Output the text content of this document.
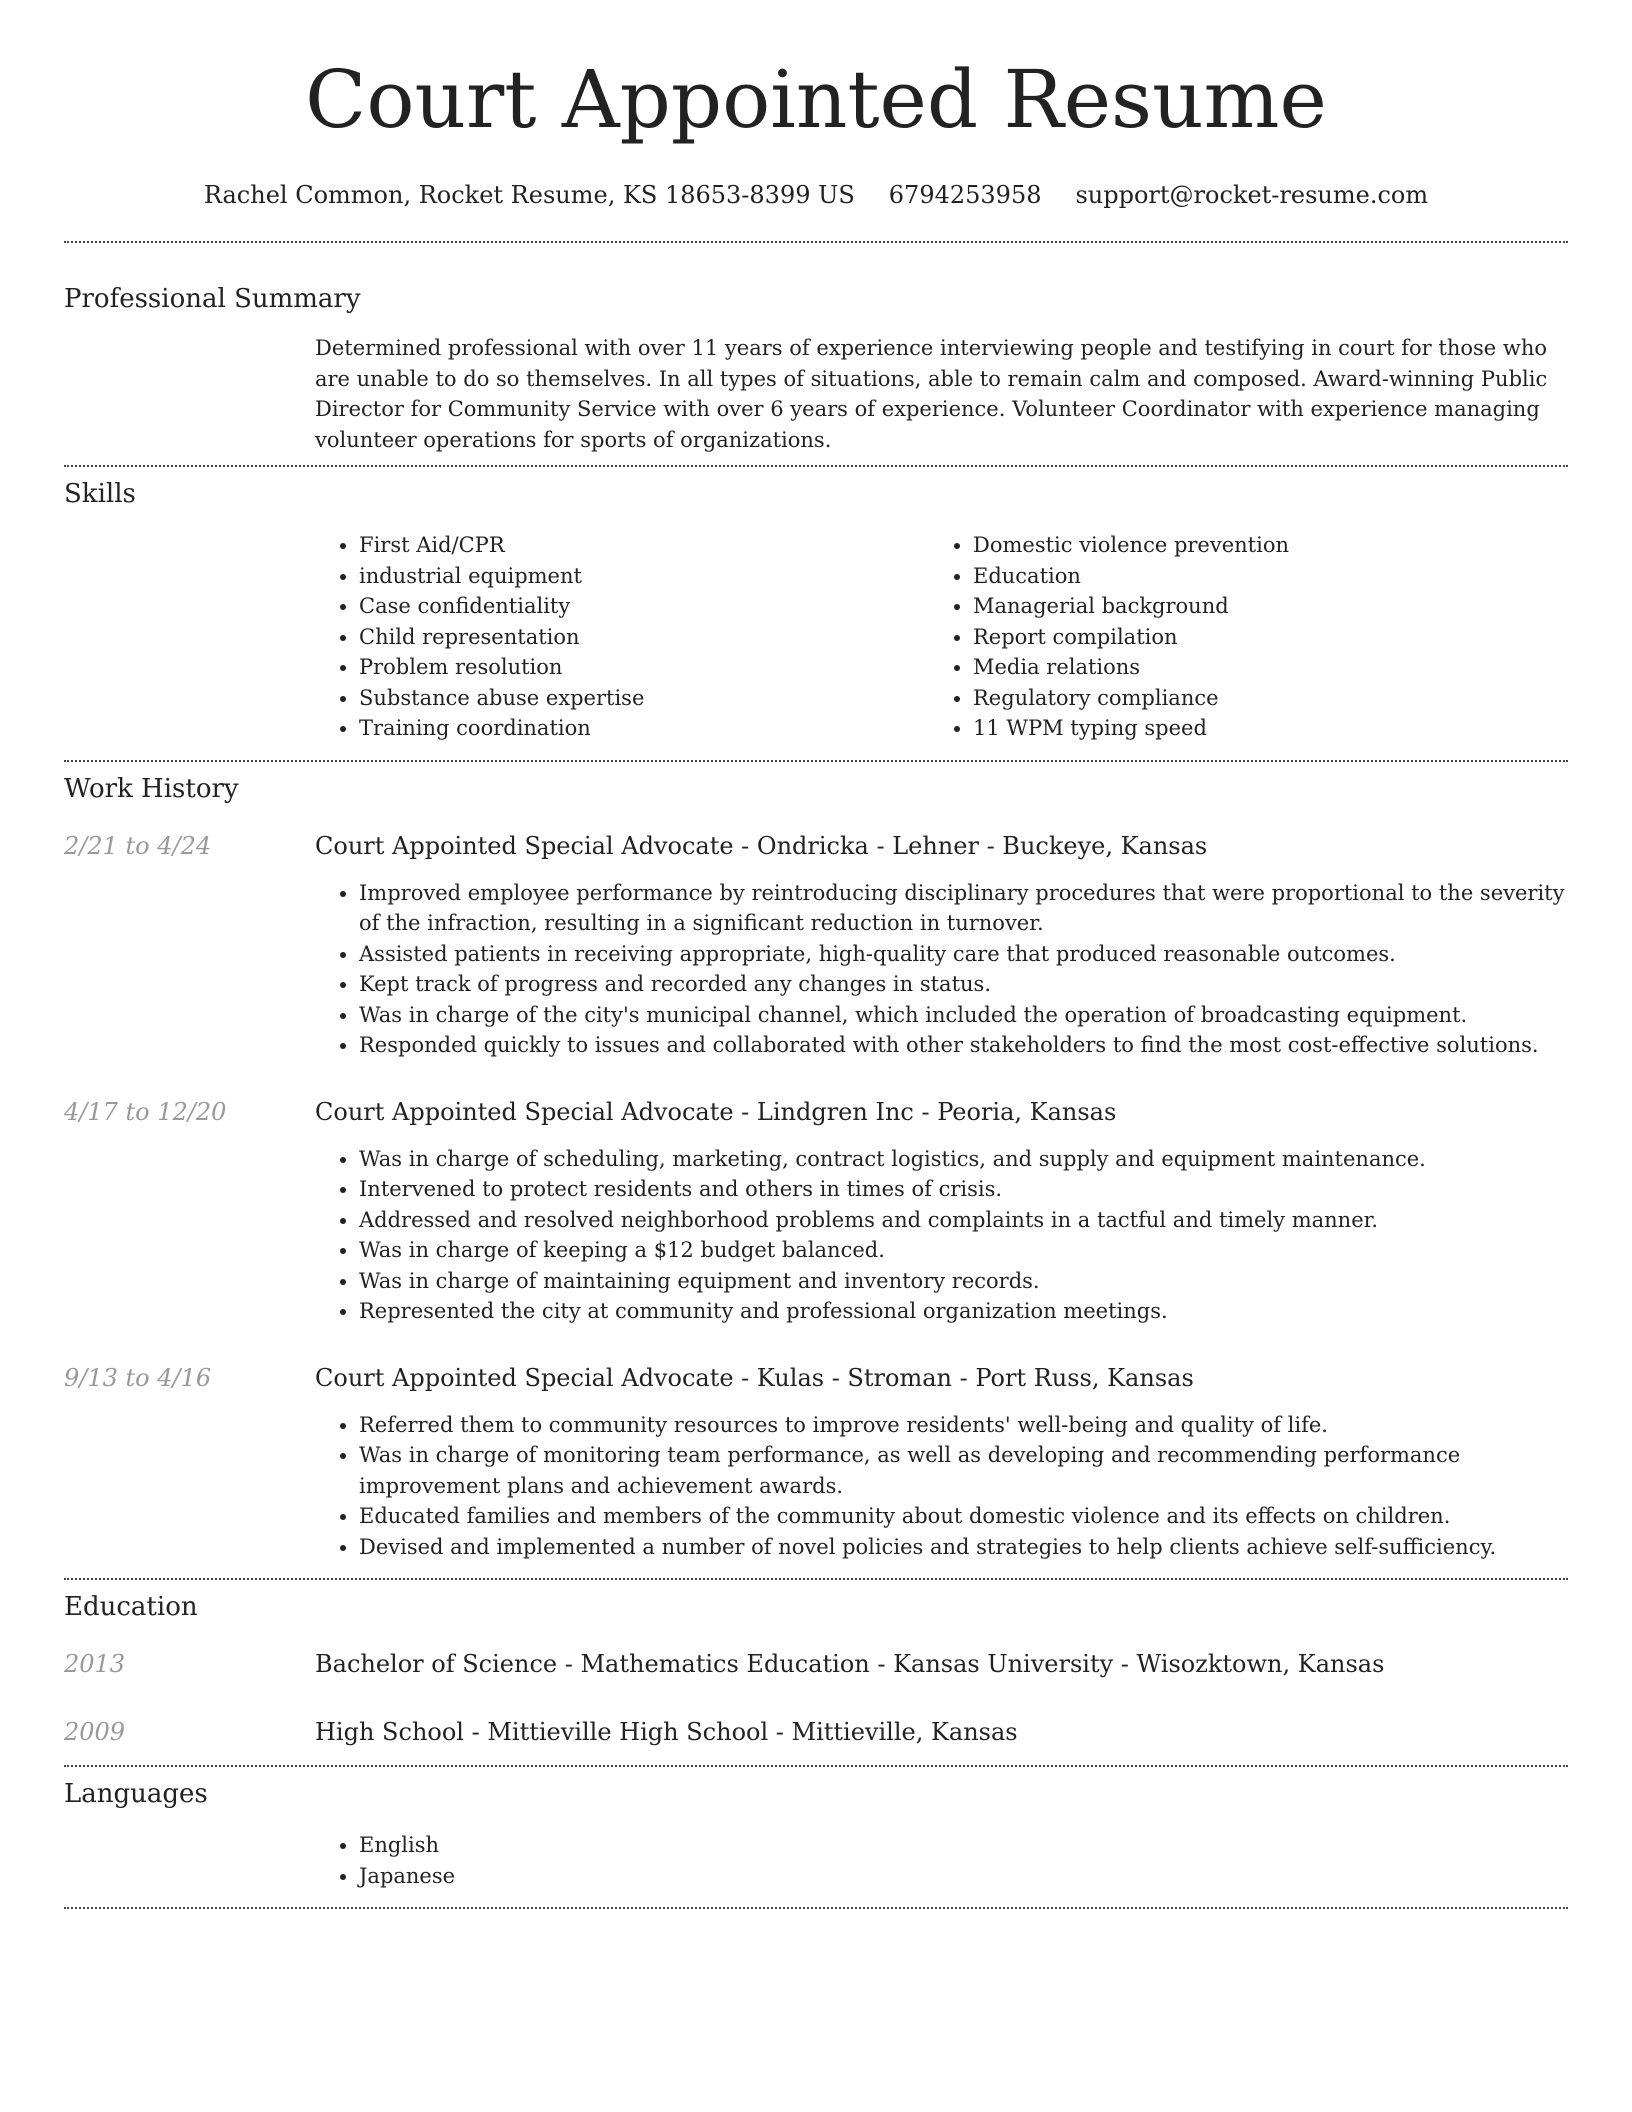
Court Appointed Resume
Rachel Common, Rocket Resume, KS 18653-8399 US 6794253958 support@rocket-resume.com
Professional Summary

Determined professional with over 11 years of experience interviewing people and testifying in court for those who are unable to do so themselves. In all types of situations, able to remain calm and composed. Award-winning Public Director for Community Service with over 6 years of experience. Volunteer Coordinator with experience managing volunteer operations for sports of organizations.

Skills
• First Aid/CPR
• industrial equipment
• Case confidentiality
• Child representation
• Problem resolution
• Substance abuse expertise
• Training coordination
• Domestic violence prevention
• Education
• Managerial background
• Report compilation
• Media relations
• Regulatory compliance
• 11 WPM typing speed
Work History
2/21 to 4/24	Court Appointed Special Advocate - Ondricka - Lehner - Buckeye, Kansas
• Improved employee performance by reintroducing disciplinary procedures that were proportional to the severity of the infraction, resulting in a significant reduction in turnover.
• Assisted patients in receiving appropriate, high-quality care that produced reasonable outcomes.
• Kept track of progress and recorded any changes in status.
• Was in charge of the city's municipal channel, which included the operation of broadcasting equipment.
• Responded quickly to issues and collaborated with other stakeholders to find the most cost-effective solutions.
4/17 to 12/20	Court Appointed Special Advocate - Lindgren Inc - Peoria, Kansas
• Was in charge of scheduling, marketing, contract logistics, and supply and equipment maintenance.
• Intervened to protect residents and others in times of crisis.
• Addressed and resolved neighborhood problems and complaints in a tactful and timely manner.
• Was in charge of keeping a $12 budget balanced.
• Was in charge of maintaining equipment and inventory records.
• Represented the city at community and professional organization meetings.
9/13 to 4/16	Court Appointed Special Advocate - Kulas - Stroman - Port Russ, Kansas
• Referred them to community resources to improve residents' well-being and quality of life.
• Was in charge of monitoring team performance, as well as developing and recommending performance improvement plans and achievement awards.
• Educated families and members of the community about domestic violence and its effects on children.
• Devised and implemented a number of novel policies and strategies to help clients achieve self-sufficiency.
Education
2013	Bachelor of Science - Mathematics Education - Kansas University - Wisozktown, Kansas
2009	High School - Mittieville High School - Mittieville, Kansas
Languages
• English
• Japanese
